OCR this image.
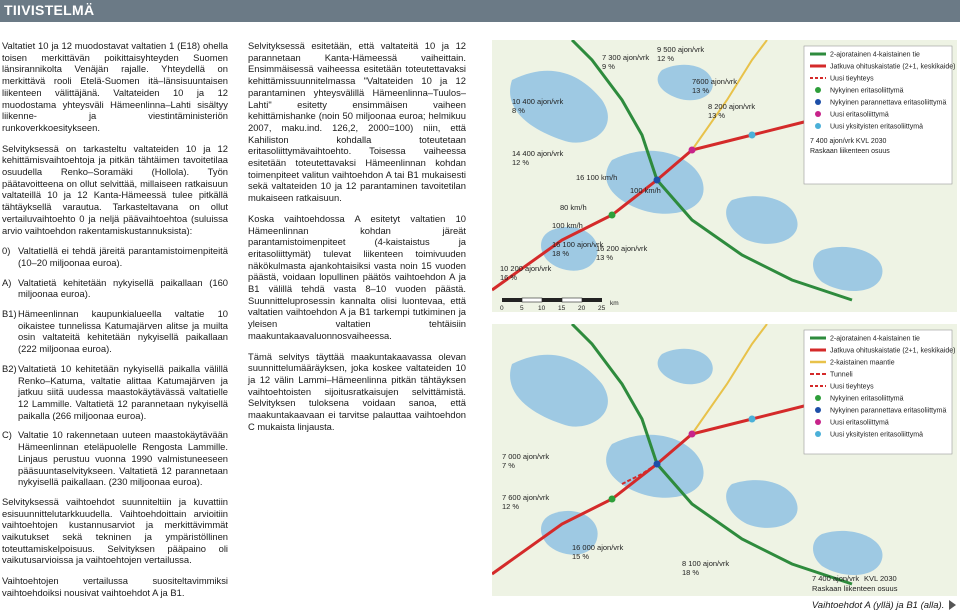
TIIVISTELMÄ

Valtatiet 10 ja 12 muodostavat valtatien 1 (E18) ohella toisen merkittävän poikittaisyhteyden Suomen länsirannikolta Venäjän rajalle. Yhteydellä on merkittävä rooli Etelä-Suomen itä–länsisuuntaisen liikenteen välittäjänä. Valtateiden 10 ja 12 muodostama yhteysväli Hämeenlinna–Lahti sisältyy liikenne- ja viestintäministeriön runkoverkkoesitykseen.

Selvityksessä on tarkasteltu valtateiden 10 ja 12 kehittämisvaihtoehtoja ja pitkän tähtäimen tavoitetilaa osuudella Renko–Soramäki (Hollola). Työn päätavoitteena on ollut selvittää, millaiseen ratkaisuun valtateillä 10 ja 12 Kanta-Hämeessä tulee pitkällä tähtäyksellä varautua. Tarkasteltavana on ollut vertailuvaihtoehto 0 ja neljä päävaihtoehtoa (suluissa arvio vaihtoehdon rakentamiskustannuksista):

0) Valtatiellä ei tehdä järeitä parantamistoimenpiteitä (10–20 miljoonaa euroa).
A) Valtatietä kehitetään nykyisellä paikallaan (160 miljoonaa euroa).
B1) Hämeenlinnan kaupunkialueella valtatie 10 oikaistee tunnelissa Katumajärven alitse ja muilta osin valtateitä kehitetään nykyisellä paikallaan (222 miljoonaa euroa).
B2) Valtatietä 10 kehitetään nykyisellä paikalla välillä Renko–Katuma, valtatie alittaa Katumajärven ja jatkuu siitä uudessa maastokäytävässä valtatielle 12 Lammille. Valtatietä 12 parannetaan nykyisellä paikalla (266 miljoonaa euroa).
C) Valtatie 10 rakennetaan uuteen maastokäytävään Hämeenlinnan eteläpuolelle Rengosta Lammille. Linjaus perustuu vuonna 1990 valmistuneeseen pääsuuntaselvitykseen. Valtatietä 12 parannetaan nykyisellä paikallaan. (230 miljoonaa euroa).

Selvityksessä vaihtoehdot suunniteltiin ja kuvattiin esisuunnittelutarkkuudella. Vaihtoehdoittain arvioitiin vaihtoehtojen kustannusarviot ja merkittävimmät vaikutukset sekä tekninen ja ympäristöllinen toteuttamiskelpoisuus. Selvityksen pääpaino oli vaikutusarvioissa ja vaihtoehtojen vertailussa.

Vaihtoehtojen vertailussa suositeltavimmiksi vaihtoehdoiksi nousivat vaihtoehdot A ja B1.

Selvityksessä esitetään, että valtateitä 10 ja 12 parannetaan Kanta-Hämeessä vaiheittain. Ensimmäisessä vaiheessa esitetään toteutettavaksi kehittämissuunnitelmassa "Valtateiden 10 ja 12 parantaminen yhteysvälillä Hämeenlinna–Tuulos–Lahti" esitetty ensimmäisen vaiheen kehittämishanke (noin 50 miljoonaa euroa; helmikuu 2007, maku.ind. 126,2, 2000=100) niin, että Kahiliston kohdalla toteutetaan eritasoliittymävaihtoehto. Toisessa vaiheessa esitetään toteutettavaksi Hämeenlinnan kohdan toimenpiteet valitun vaihtoehdon A tai B1 mukaisesti sekä valtateiden 10 ja 12 parantaminen tavoitetilan mukaiseen ratkaisuun.

Koska vaihtoehdossa A esitetyt valtatien 10 Hämeenlinnan kohdan järeät parantamistoimenpiteet (4-kaistaistus ja eritasoliittymät) tulevat liikenteen toimivuuden näkökulmasta ajankohtaisiksi vasta noin 15 vuoden päästä, voidaan lopullinen päätös vaihtoehdon A ja B1 välillä tehdä vasta 8–10 vuoden päästä. Suunnitteluprosessin kannalta olisi luontevaa, että valtatien vaihtoehdon A ja B1 tarkempi tutkiminen ja yleisen valtatien tehtäisiin maakuntakaavaluonnosvaiheessa.

Tämä selvitys täyttää maakuntakaavassa olevan suunnittelumääräyksen, joka koskee valtateiden 10 ja 12 välin Lammi–Hämeenlinna pitkän tähtäyksen vaihtoehtoisten sijoitusratkaisujen selvittämistä. Selvityksen tuloksena voidaan sanoa, että maakuntakaavaan ei tarvitse palauttaa vaihtoehdon C mukaista linjausta.

7 300 ajon/vrk
9 %
9 500 ajon/vrk
12 %
7600 ajon/vrk
13 %
10 400 ajon/vrk
8 %	8 200 ajon/vrk
13 %
14 400 ajon/vrk
12 %
16 100 km/h
100 km/h
80 km/h
100 km/h
16 100 ajon/vrk
18 %
16 200 ajon/vrk
13 %
10 200 ajon/vrk
16 %
0	5 10 15 20 25
km
2-ajoratainen 4-kaistainen tie
Jatkuva ohituskaistatie (2+1, keskikaide)
Uusi tieyhteys
Nykyinen eritasoliittymä
Nykyinen parannettava eritasoliittymä
Uusi eritasoliittymä
Uusi yksityisten eritasoliittymä
7 400 ajon/vrk KVL 2030
Raskaan liikenteen osuus
7 000 ajon/vrk
7 %
7 600 ajon/vrk
12 %
16 000 ajon/vrk
15 %
8 100 ajon/vrk
18 %
7 400 ajon/vrk KVL 2030
Raskaan liikenteen osuus
2-ajoratainen 4-kaistainen tie
Jatkuva ohituskaistatie (2+1, keskikaide)
2-kaistainen maantie
Tunneli
Uusi tieyhteys
Nykyinen eritasoliittymä
Nykyinen parannettava eritasoliittymä
Uusi eritasoliittymä
Uusi yksityisten eritasoliittymä
Vaihtoehdot A (yllä) ja B1 (alla).
